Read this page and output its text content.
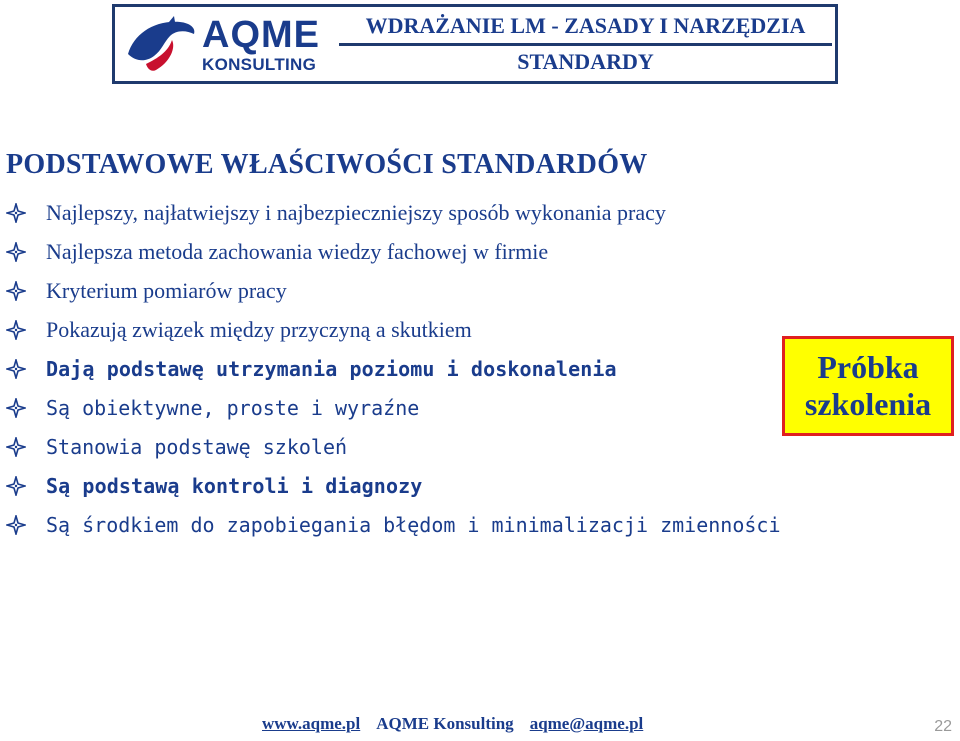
AQME
KONSULTING
WDRAŻANIE LM - ZASADY I NARZĘDZIA
STANDARDY
PODSTAWOWE WŁAŚCIWOŚCI STANDARDÓW
Najlepszy, najłatwiejszy i najbezpieczniejszy sposób wykonania pracy
Najlepsza metoda zachowania wiedzy fachowej w firmie
Kryterium pomiarów pracy
Pokazują związek między przyczyną a skutkiem
Dają podstawę utrzymania poziomu i doskonalenia
Są obiektywne, proste i wyraźne
Stanowia podstawę szkoleń
Są podstawą kontroli i diagnozy
Są środkiem do zapobiegania błędom i minimalizacji zmienności
Próbka
szkolenia
www.aqme.pl AQME Konsulting aqme@aqme.pl	22
